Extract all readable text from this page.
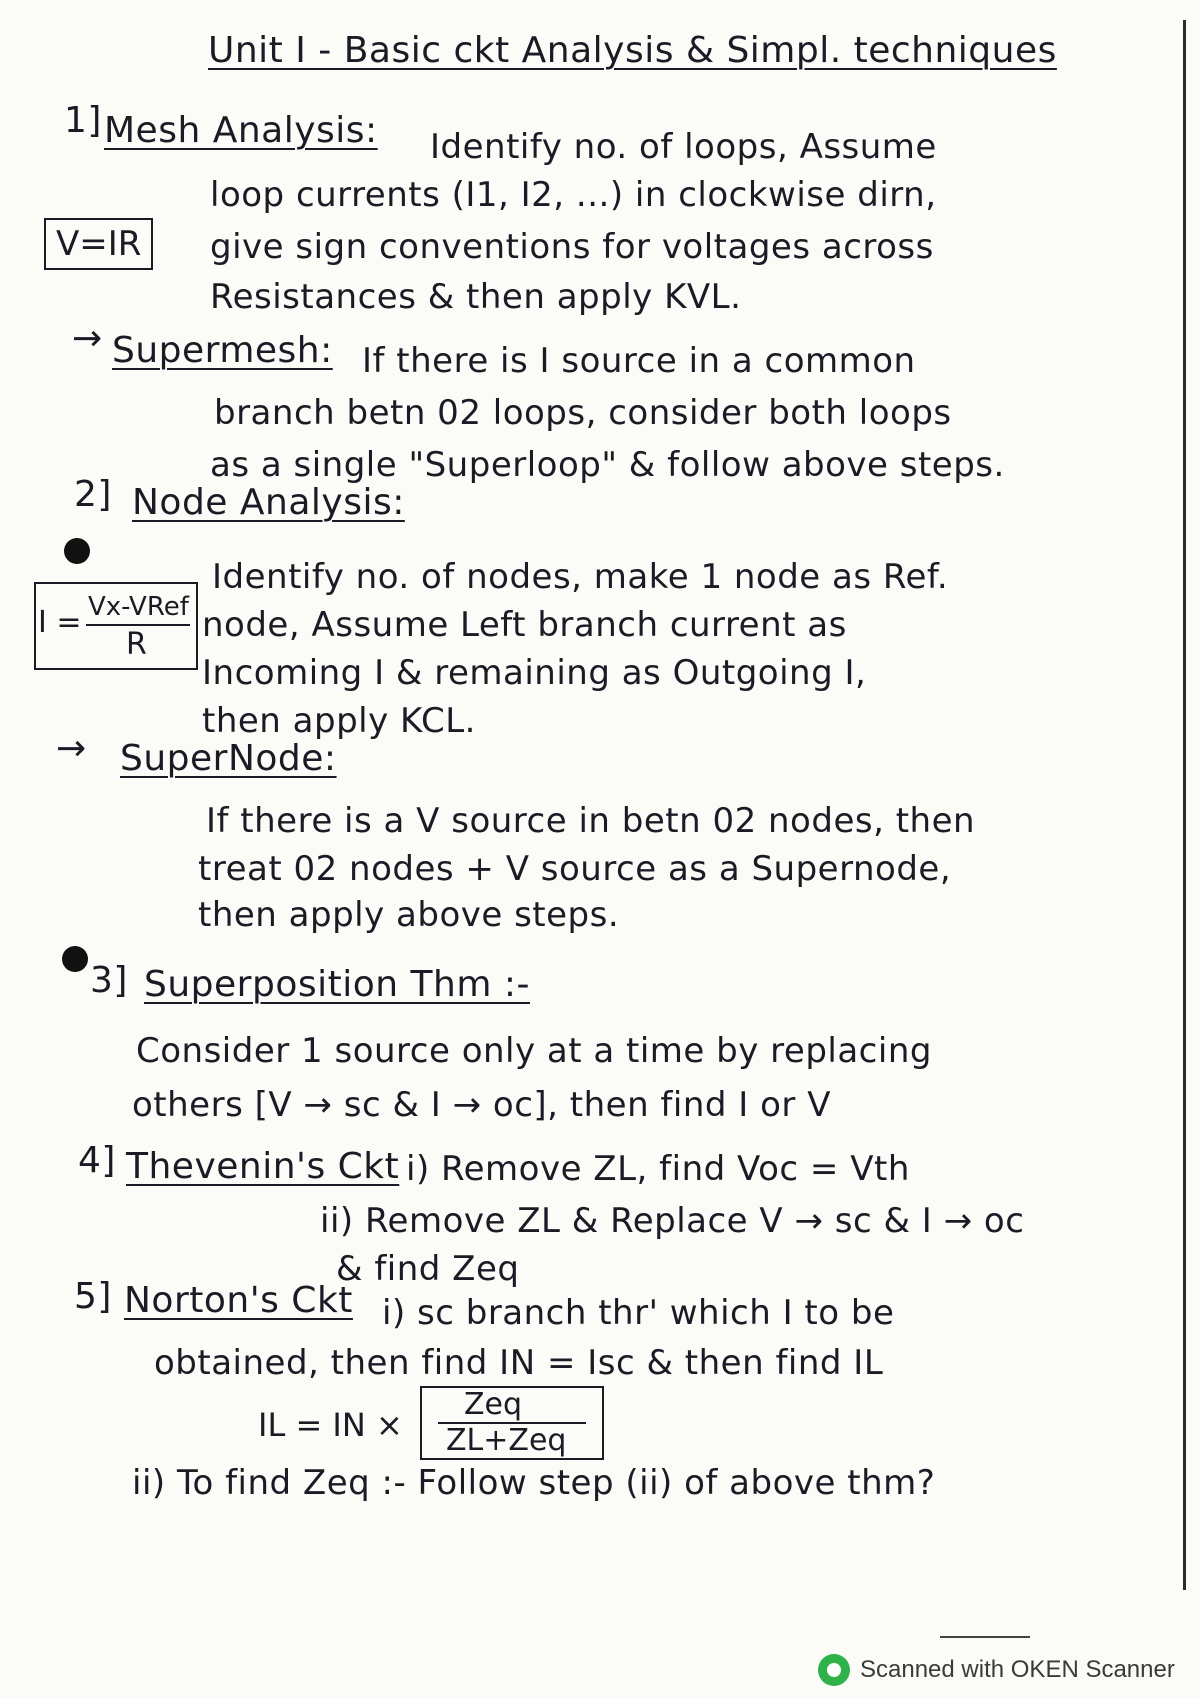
Unit I - Basic ckt Analysis & Simpl. techniques
1] Mesh Analysis: Identify no. of loops, Assume
loop currents (I1, I2, ...) in clockwise dirn,
V=IR	give sign conventions for voltages across
Resistances & then apply KVL.
→ Supermesh: If there is I source in a common
branch betn 02 loops, consider both loops
as a single "Superloop" & follow above steps.
2] Node Analysis:
Identify no. of nodes, make 1 node as Ref.
I = Vx-VRef
R node, Assume Left branch current as
Incoming I & remaining as Outgoing I,
then apply KCL.
→ SuperNode:
If there is a V source in betn 02 nodes, then
treat 02 nodes + V source as a Supernode,
then apply above steps.
3] Superposition Thm :-
Consider 1 source only at a time by replacing
others [V → sc & I → oc], then find I or V
4] Thevenin's Ckt i) Remove ZL, find Voc = Vth
ii) Remove ZL & Replace V → sc & I → oc
& find Zeq
5] Norton's Ckt i) sc branch thr' which I to be
obtained, then find IN = Isc & then find IL
IL = IN ×
Zeq
ZL+Zeq
ii) To find Zeq :- Follow step (ii) of above thm?
Scanned with OKEN Scanner
